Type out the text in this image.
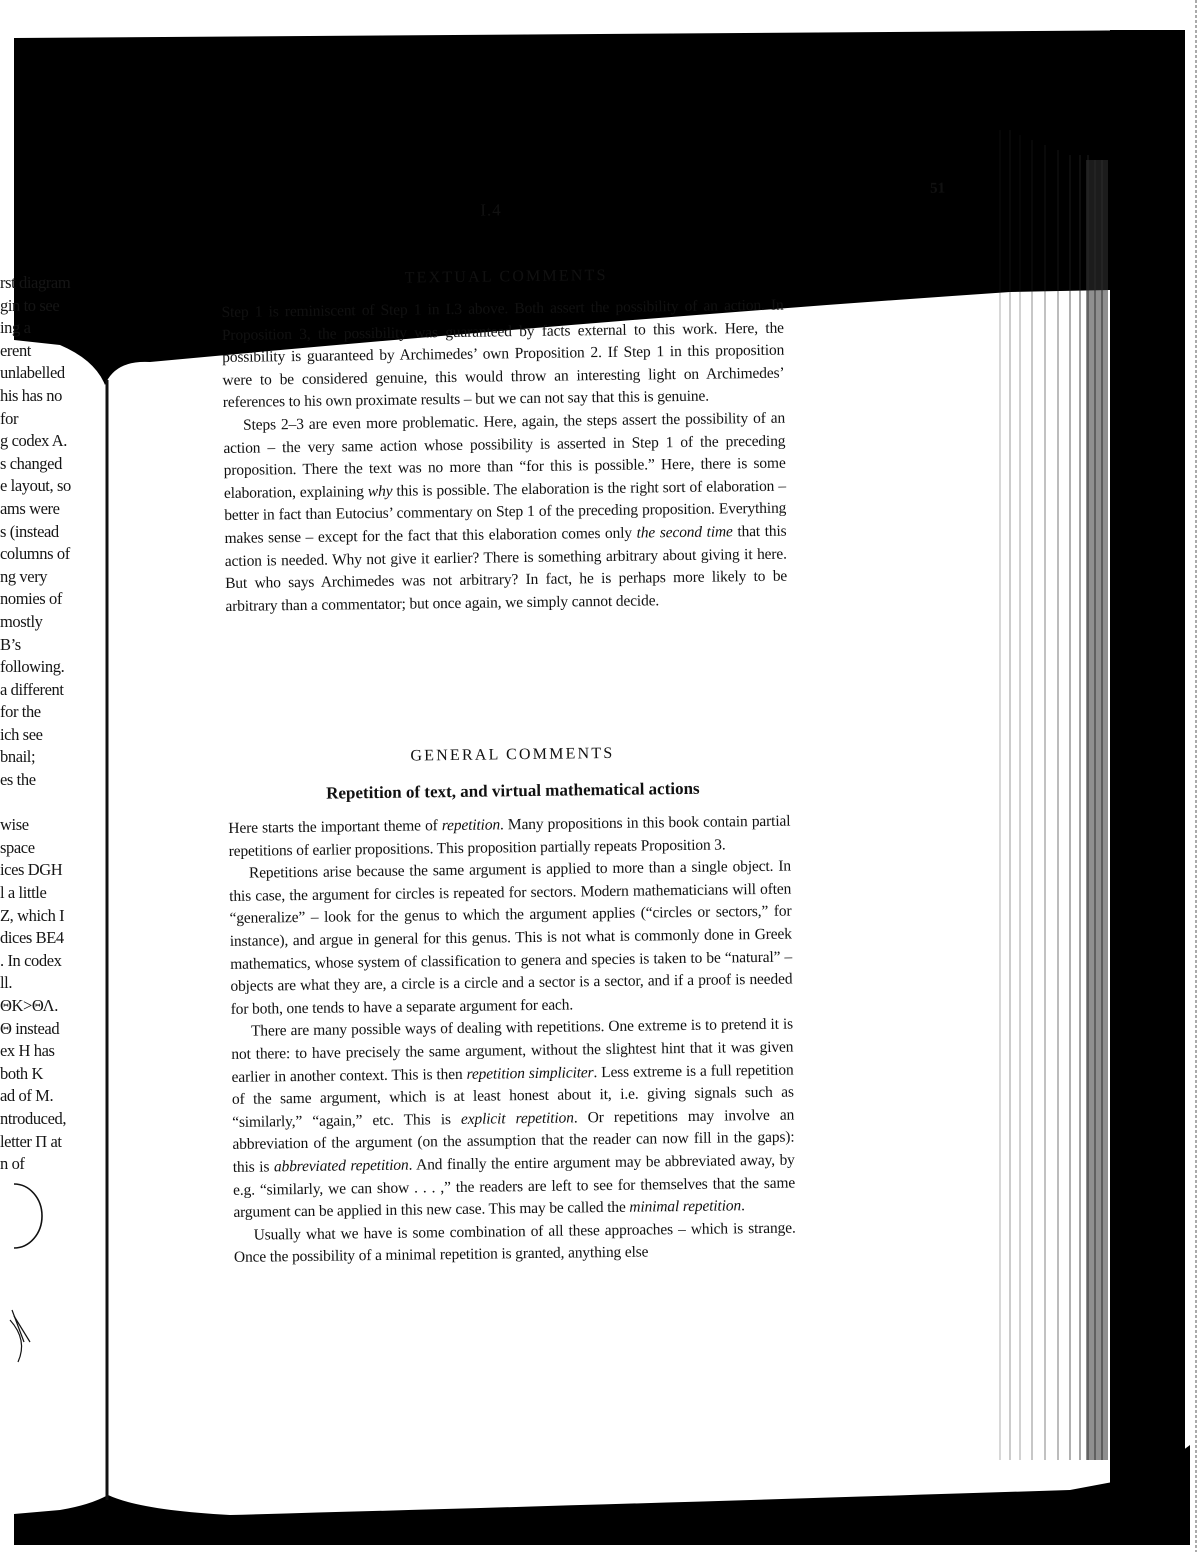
rst diagram
gin to see
ing a
erent
unlabelled
his has no
for
g codex A.
s changed
e layout, so
ams were
s (instead
columns of
ng very
nomies of
mostly
B’s
following.
a different
for the
ich see
bnail;
es the
wise
space
ices DGH
l a little
Z, which I
dices BE4
. In codex
ll.
ΘK>ΘΛ.
Θ instead
ex H has
both K
ad of M.
ntroduced,
letter Π at
n of
51
I.4
TEXTUAL COMMENTS

Step 1 is reminiscent of Step 1 in I.3 above. Both assert the possibility of an action. In Proposition 3, the possibility was guaranteed by facts external to this work. Here, the possibility is guaranteed by Archimedes’ own Proposition 2. If Step 1 in this proposition were to be considered genuine, this would throw an interesting light on Archimedes’ references to his own proximate results – but we can not say that this is genuine.

Steps 2–3 are even more problematic. Here, again, the steps assert the possibility of an action – the very same action whose possibility is asserted in Step 1 of the preceding proposition. There the text was no more than “for this is possible.” Here, there is some elaboration, explaining why this is possible. The elaboration is the right sort of elaboration – better in fact than Eutocius’ commentary on Step 1 of the preceding proposition. Everything makes sense – except for the fact that this elaboration comes only the second time that this action is needed. Why not give it earlier? There is something arbitrary about giving it here. But who says Archimedes was not arbitrary? In fact, he is perhaps more likely to be arbitrary than a commentator; but once again, we simply cannot decide.

GENERAL COMMENTS
Repetition of text, and virtual mathematical actions

Here starts the important theme of repetition. Many propositions in this book contain partial repetitions of earlier propositions. This proposition partially repeats Proposition 3.

Repetitions arise because the same argument is applied to more than a single object. In this case, the argument for circles is repeated for sectors. Modern mathematicians will often “generalize” – look for the genus to which the argument applies (“circles or sectors,” for instance), and argue in general for this genus. This is not what is commonly done in Greek mathematics, whose system of classification to genera and species is taken to be “natural” – objects are what they are, a circle is a circle and a sector is a sector, and if a proof is needed for both, one tends to have a separate argument for each.

There are many possible ways of dealing with repetitions. One extreme is to pretend it is not there: to have precisely the same argument, without the slightest hint that it was given earlier in another context. This is then repetition simpliciter. Less extreme is a full repetition of the same argument, which is at least honest about it, i.e. giving signals such as “similarly,” “again,” etc. This is explicit repetition. Or repetitions may involve an abbreviation of the argument (on the assumption that the reader can now fill in the gaps): this is abbreviated repetition. And finally the entire argument may be abbreviated away, by e.g. “similarly, we can show . . . ,” the readers are left to see for themselves that the same argument can be applied in this new case. This may be called the minimal repetition.

Usually what we have is some combination of all these approaches – which is strange. Once the possibility of a minimal repetition is granted, anything else
